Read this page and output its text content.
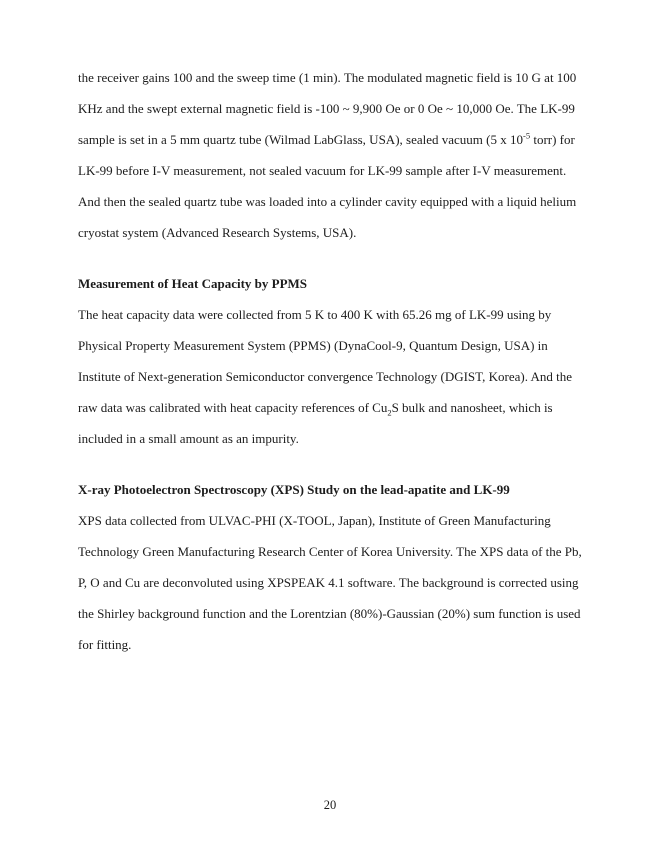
the receiver gains 100 and the sweep time (1 min). The modulated magnetic field is 10 G at 100
KHz and the swept external magnetic field is -100 ~ 9,900 Oe or 0 Oe ~ 10,000 Oe. The LK-99
sample is set in a 5 mm quartz tube (Wilmad LabGlass, USA), sealed vacuum (5 x $10^{-5}$ torr) for
LK-99 before I-V measurement, not sealed vacuum for LK-99 sample after I-V measurement.
And then the sealed quartz tube was loaded into a cylinder cavity equipped with a liquid helium
cryostat system (Advanced Research Systems, USA).
Measurement of Heat Capacity by PPMS
The heat capacity data were collected from 5 K to 400 K with 65.26 mg of LK-99 using by
Physical Property Measurement System (PPMS) (DynaCool-9, Quantum Design, USA) in
Institute of Next-generation Semiconductor convergence Technology (DGIST, Korea). And the
raw data was calibrated with heat capacity references of $Cu_2S$ bulk and nanosheet, which is
included in a small amount as an impurity.
X-ray Photoelectron Spectroscopy (XPS) Study on the lead-apatite and LK-99
XPS data collected from ULVAC-PHI (X-TOOL, Japan), Institute of Green Manufacturing
Technology Green Manufacturing Research Center of Korea University. The XPS data of the Pb,
P, O and Cu are deconvoluted using XPSPEAK 4.1 software. The background is corrected using
the Shirley background function and the Lorentzian (80%)-Gaussian (20%) sum function is used
for fitting.
20
